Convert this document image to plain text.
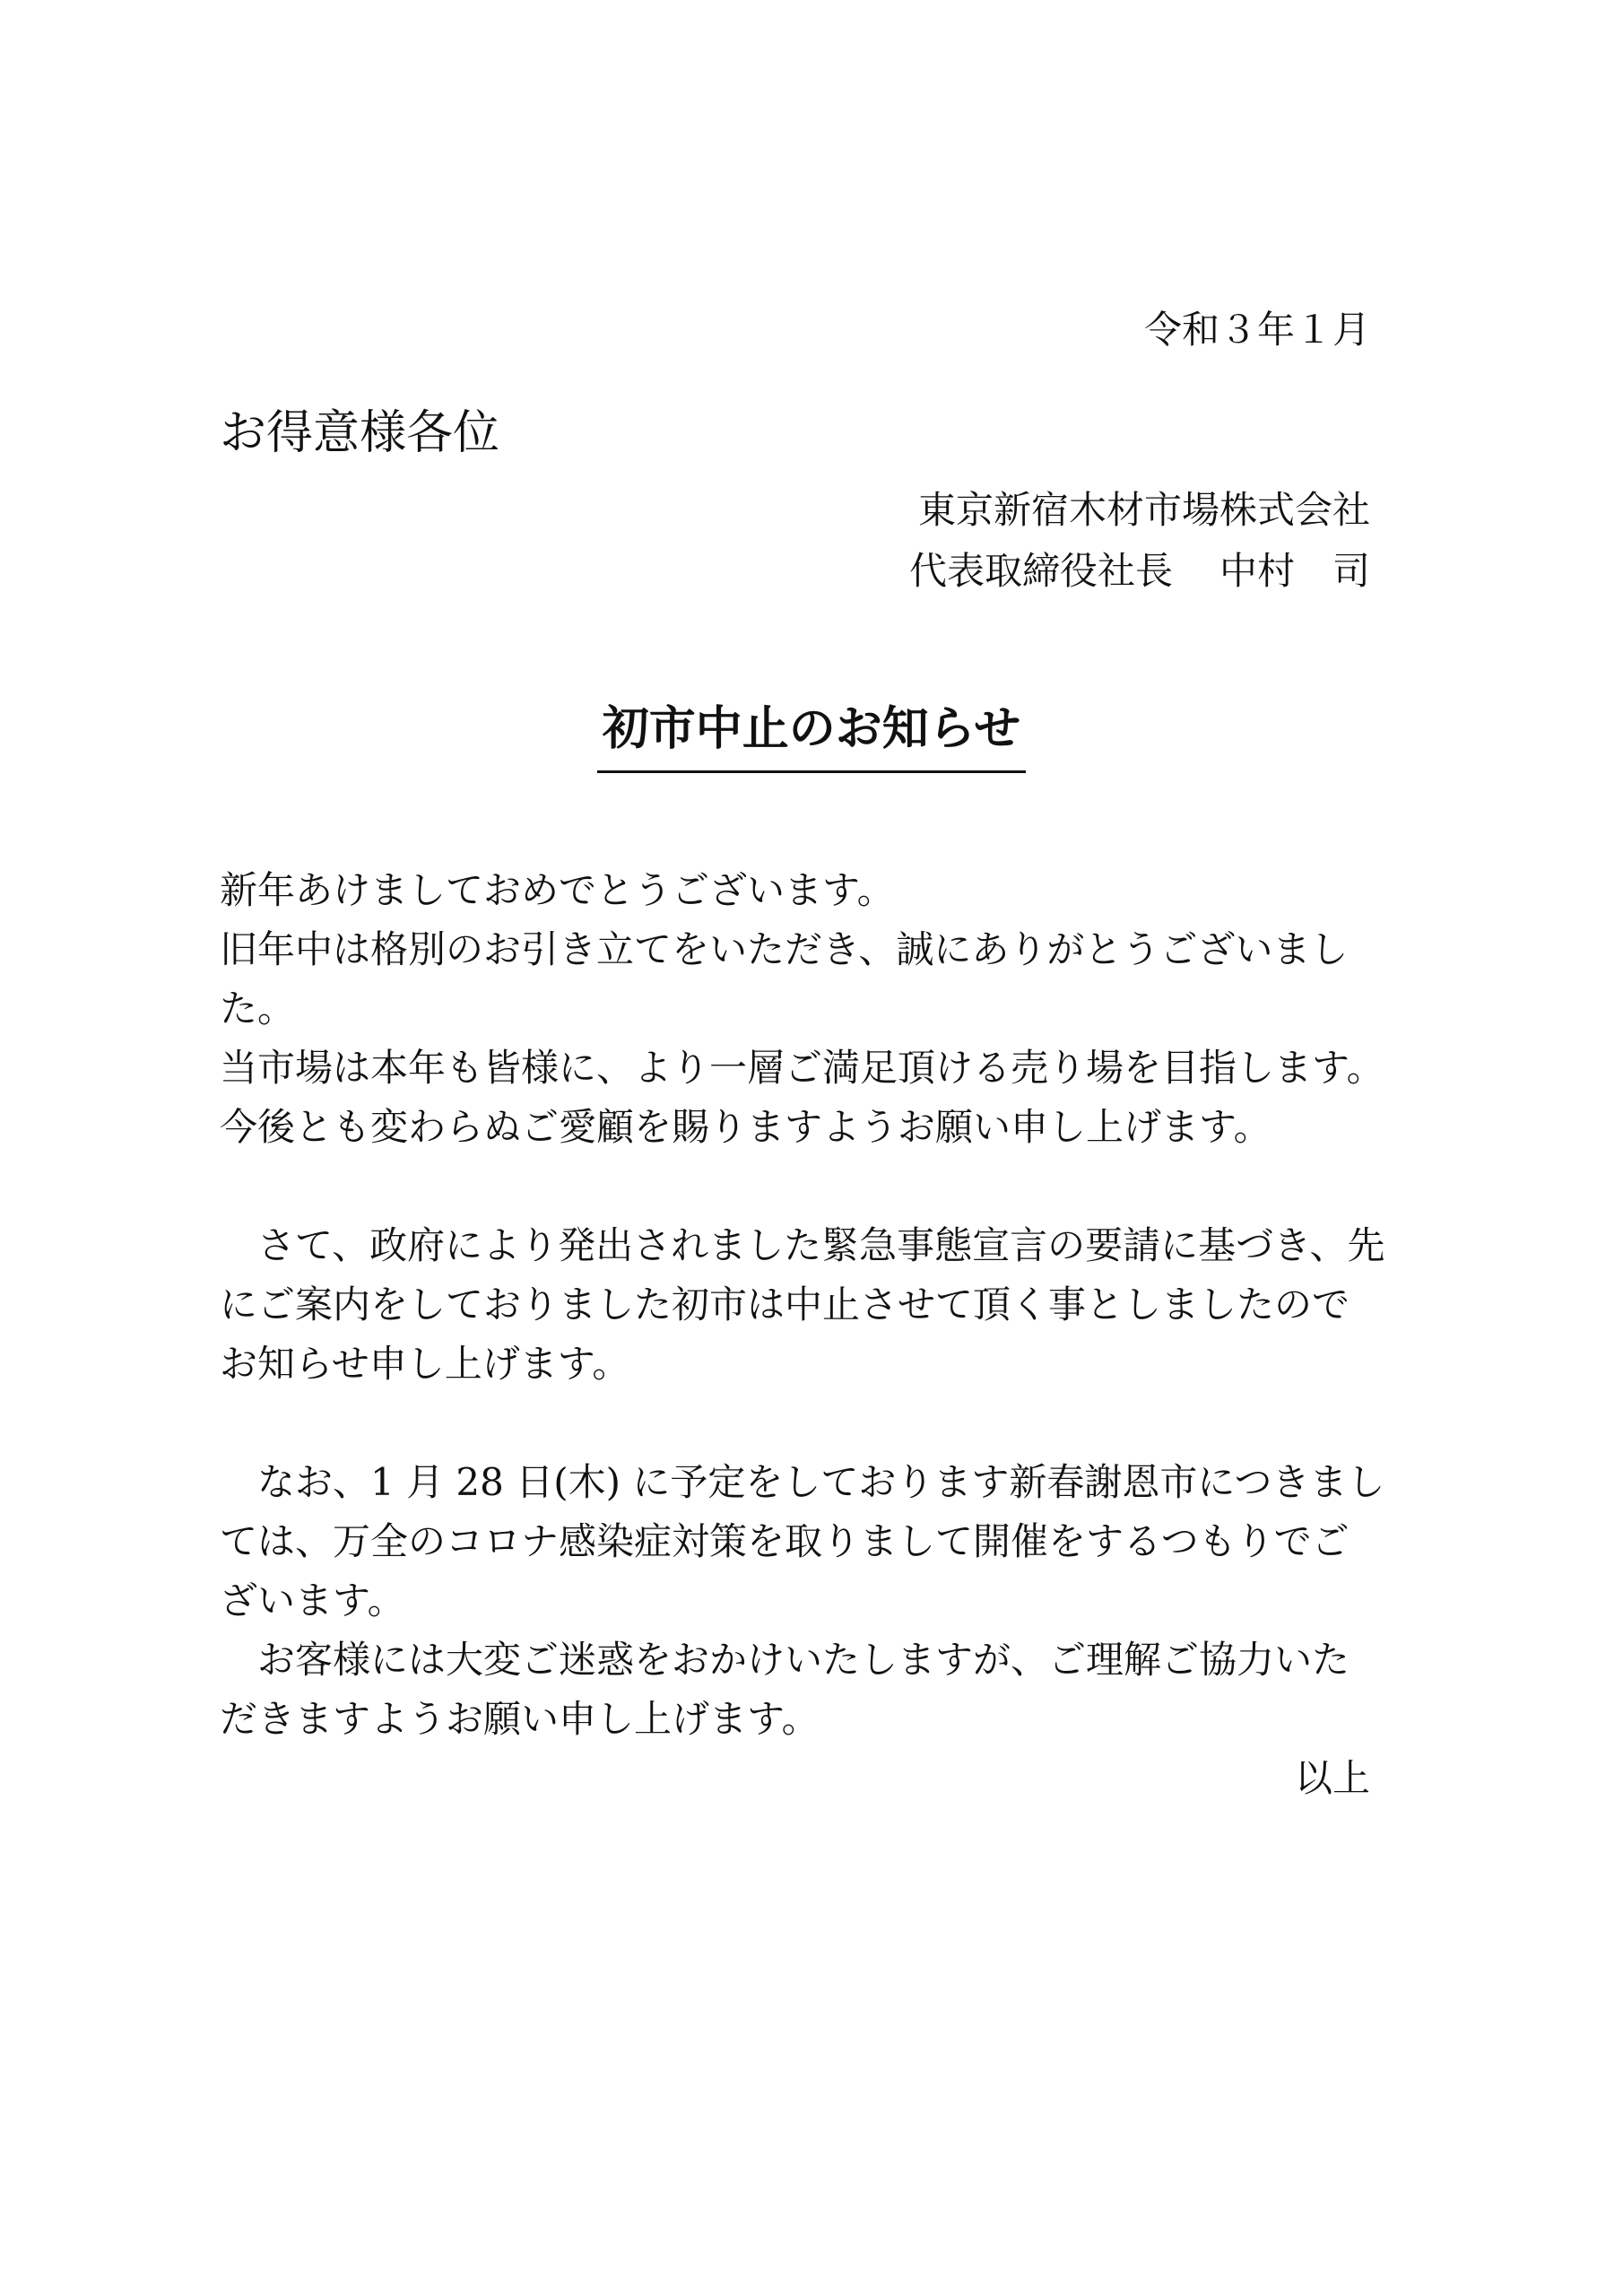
令和３年１月
お得意様各位
東京新宿木材市場株式会社
代表取締役社長 中村　司
初市中止のお知らせ
新年あけましておめでとうございます。
旧年中は格別のお引き立てをいただき、誠にありがとうございまし
た。
当市場は本年も皆様に、より一層ご満足頂ける売り場を目指します。
今後とも変わらぬご愛顧を賜りますようお願い申し上げます。
　さて、政府により発出されました緊急事態宣言の要請に基づき、先
にご案内をしておりました初市は中止させて頂く事としましたので
お知らせ申し上げます。
　なお、1 月 28 日(木) に予定をしております新春謝恩市につきまし
ては、万全のコロナ感染症対策を取りまして開催をするつもりでご
ざいます。
　お客様には大変ご迷惑をおかけいたしますが、ご理解ご協力いた
だきますようお願い申し上げます。
以上
